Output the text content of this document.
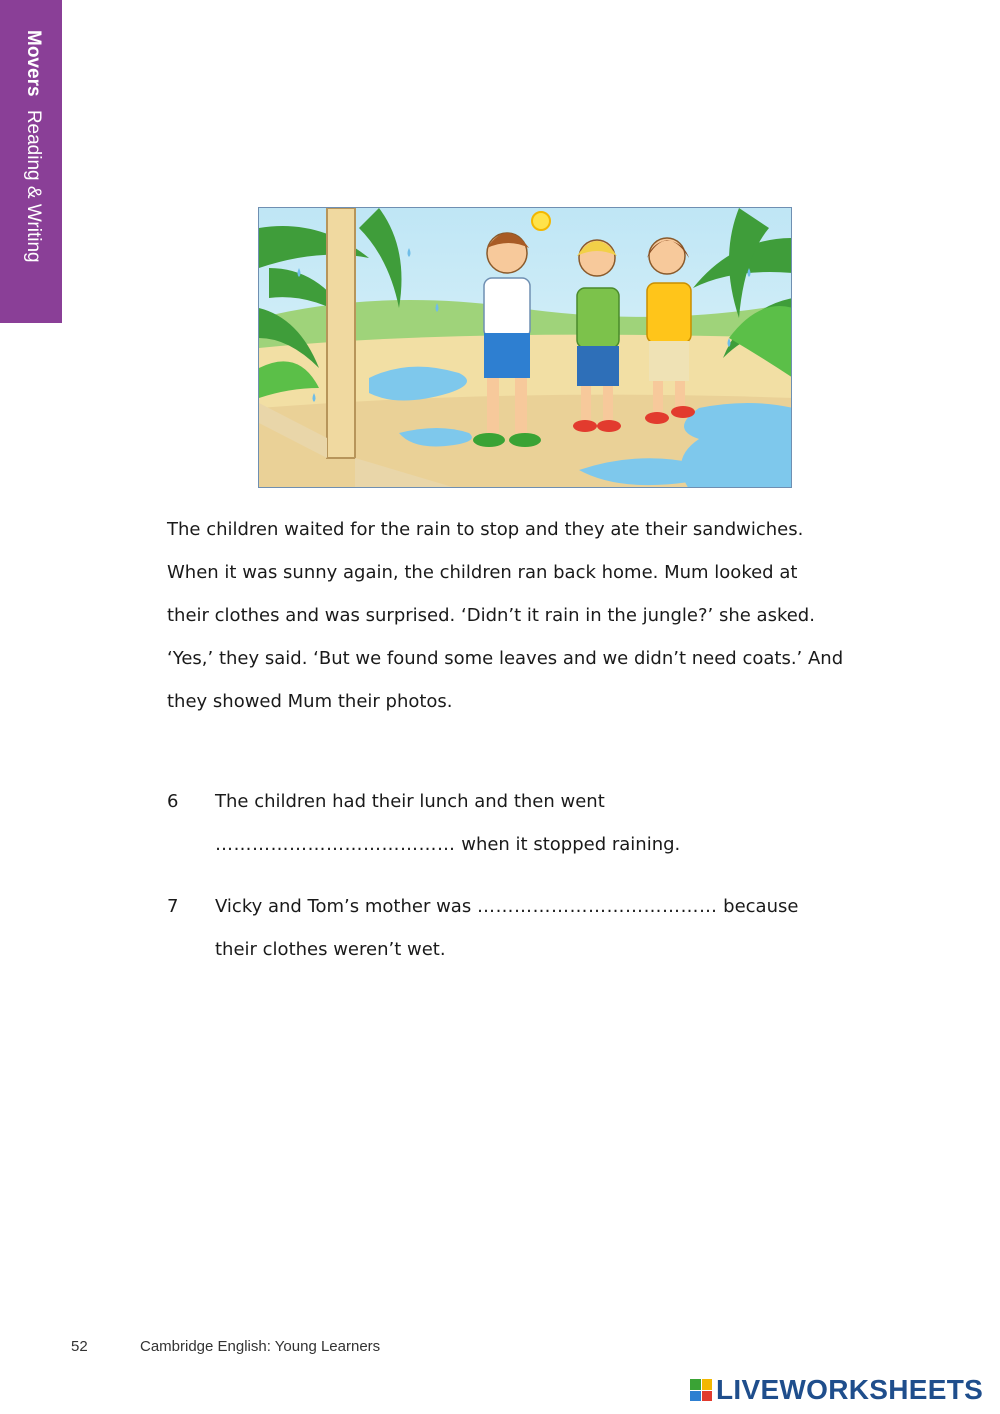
Movers Reading & Writing

The children waited for the rain to stop and they ate their sandwiches.

When it was sunny again, the children ran back home. Mum looked at

their clothes and was surprised. ‘Didn’t it rain in the jungle?’ she asked.

‘Yes,’ they said. ‘But we found some leaves and we didn’t need coats.’ And

they showed Mum their photos.

6 The children had their lunch and then went
………………………………… when it stopped raining.
7 Vicky and Tom’s mother was ………………………………… because
their clothes weren’t wet.
52	Cambridge English: Young Learners
LIVEWORKSHEETS
